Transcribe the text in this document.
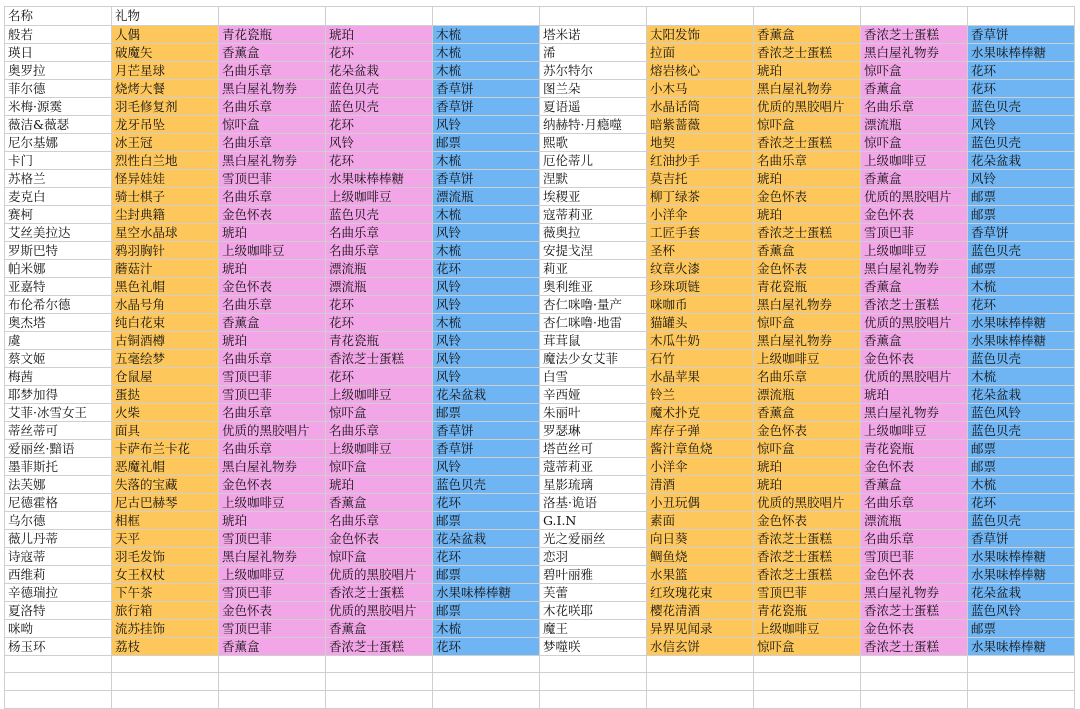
名称	礼物								
般若	人偶	青花瓷瓶	琥珀	木梳	塔米诺	太阳发饰	香薰盒	香浓芝士蛋糕	香草饼
瑛日	破魔矢	香薰盒	花环	木梳	浠	拉面	香浓芝士蛋糕	黑白屋礼物券	水果味棒棒糖
奥罗拉	月芒星球	名曲乐章	花朵盆栽	木梳	苏尔特尔	熔岩核心	琥珀	惊吓盒	花环
菲尔德	烧烤大餐	黑白屋礼物券	蓝色贝壳	香草饼	图兰朵	小木马	黑白屋礼物券	香薰盒	花环
米梅·源霙	羽毛修复剂	名曲乐章	蓝色贝壳	香草饼	夏语遥	水晶话筒	优质的黑胶唱片	名曲乐章	蓝色贝壳
薇洁&薇瑟	龙牙吊坠	惊吓盒	花环	风铃	纳赫特·月瘾噬	暗紫蔷薇	惊吓盒	漂流瓶	风铃
尼尔基娜	冰王冠	名曲乐章	风铃	邮票	熙歌	地契	香浓芝士蛋糕	惊吓盒	蓝色贝壳
卡门	烈性白兰地	黑白屋礼物券	花环	木梳	厄伦蒂儿	红油抄手	名曲乐章	上级咖啡豆	花朵盆栽
苏格兰	怪异娃娃	雪顶巴菲	水果味棒棒糖	香草饼	涅默	莫吉托	琥珀	香薰盒	风铃
麦克白	骑士棋子	名曲乐章	上级咖啡豆	漂流瓶	埃稷亚	柳丁绿茶	金色怀表	优质的黑胶唱片	邮票
赛柯	尘封典籍	金色怀表	蓝色贝壳	木梳	寇蒂莉亚	小洋伞	琥珀	金色怀表	邮票
艾丝美拉达	星空水晶球	琥珀	名曲乐章	风铃	薇奥拉	工匠手套	香浓芝士蛋糕	雪顶巴菲	香草饼
罗斯巴特	鸦羽胸针	上级咖啡豆	名曲乐章	木梳	安提戈涅	圣杯	香薰盒	上级咖啡豆	蓝色贝壳
帕米娜	蘑菇汁	琥珀	漂流瓶	花环	莉亚	纹章火漆	金色怀表	黑白屋礼物券	邮票
亚嘉特	黑色礼帽	金色怀表	漂流瓶	风铃	奥利维亚	珍珠项链	青花瓷瓶	香薰盒	木梳
布伦希尔德	水晶号角	名曲乐章	花环	风铃	杏仁咪噜·量产	咪咖币	黑白屋礼物券	香浓芝士蛋糕	花环
奥杰塔	纯白花束	香薰盒	花环	木梳	杏仁咪噜·地雷	猫罐头	惊吓盒	优质的黑胶唱片	水果味棒棒糖
虞	古铜酒樽	琥珀	青花瓷瓶	风铃	茸茸鼠	木瓜牛奶	黑白屋礼物券	香薰盒	水果味棒棒糖
蔡文姬	五毫绘梦	名曲乐章	香浓芝士蛋糕	风铃	魔法少女艾菲	石竹	上级咖啡豆	金色怀表	蓝色贝壳
梅茜	仓鼠屋	雪顶巴菲	花环	风铃	白雪	水晶苹果	名曲乐章	优质的黑胶唱片	木梳
耶梦加得	蛋挞	雪顶巴菲	上级咖啡豆	花朵盆栽	辛西娅	铃兰	漂流瓶	琥珀	花朵盆栽
艾菲·冰雪女王	火柴	名曲乐章	惊吓盒	邮票	朱丽叶	魔术扑克	香薰盒	黑白屋礼物券	蓝色风铃
蒂丝蒂可	面具	优质的黑胶唱片	名曲乐章	香草饼	罗瑟琳	库存子弹	金色怀表	上级咖啡豆	蓝色贝壳
爱丽丝·黯语	卡萨布兰卡花	名曲乐章	上级咖啡豆	香草饼	塔芭丝可	酱汁章鱼烧	惊吓盒	青花瓷瓶	邮票
墨菲斯托	恶魔礼帽	黑白屋礼物券	惊吓盒	风铃	蔻蒂莉亚	小洋伞	琥珀	金色怀表	邮票
法芙娜	失落的宝藏	金色怀表	琥珀	蓝色贝壳	星影琉璃	清酒	琥珀	香薰盒	木梳
尼德霍格	尼古巴赫琴	上级咖啡豆	香薰盒	花环	洛基·诡语	小丑玩偶	优质的黑胶唱片	名曲乐章	花环
乌尔德	相框	琥珀	名曲乐章	邮票	G.I.N	素面	金色怀表	漂流瓶	蓝色贝壳
薇儿丹蒂	天平	雪顶巴菲	金色怀表	花朵盆栽	光之爱丽丝	向日葵	香浓芝士蛋糕	名曲乐章	香草饼
诗寇蒂	羽毛发饰	黑白屋礼物券	惊吓盒	花环	恋羽	鲷鱼烧	香浓芝士蛋糕	雪顶巴菲	水果味棒棒糖
西维莉	女王权杖	上级咖啡豆	优质的黑胶唱片	邮票	碧叶丽雅	水果篮	香浓芝士蛋糕	金色怀表	水果味棒棒糖
辛德瑞拉	下午茶	雪顶巴菲	香浓芝士蛋糕	水果味棒棒糖	芙蕾	红玫瑰花束	雪顶巴菲	黑白屋礼物券	花朵盆栽
夏洛特	旅行箱	金色怀表	优质的黑胶唱片	邮票	木花咲耶	樱花清酒	青花瓷瓶	香浓芝士蛋糕	蓝色风铃
咪呦	流苏挂饰	雪顶巴菲	香薰盒	木梳	魔王	异界见闻录	上级咖啡豆	金色怀表	邮票
杨玉环	荔枝	香薰盒	香浓芝士蛋糕	花环	梦噬咲	水信玄饼	惊吓盒	香浓芝士蛋糕	水果味棒棒糖
